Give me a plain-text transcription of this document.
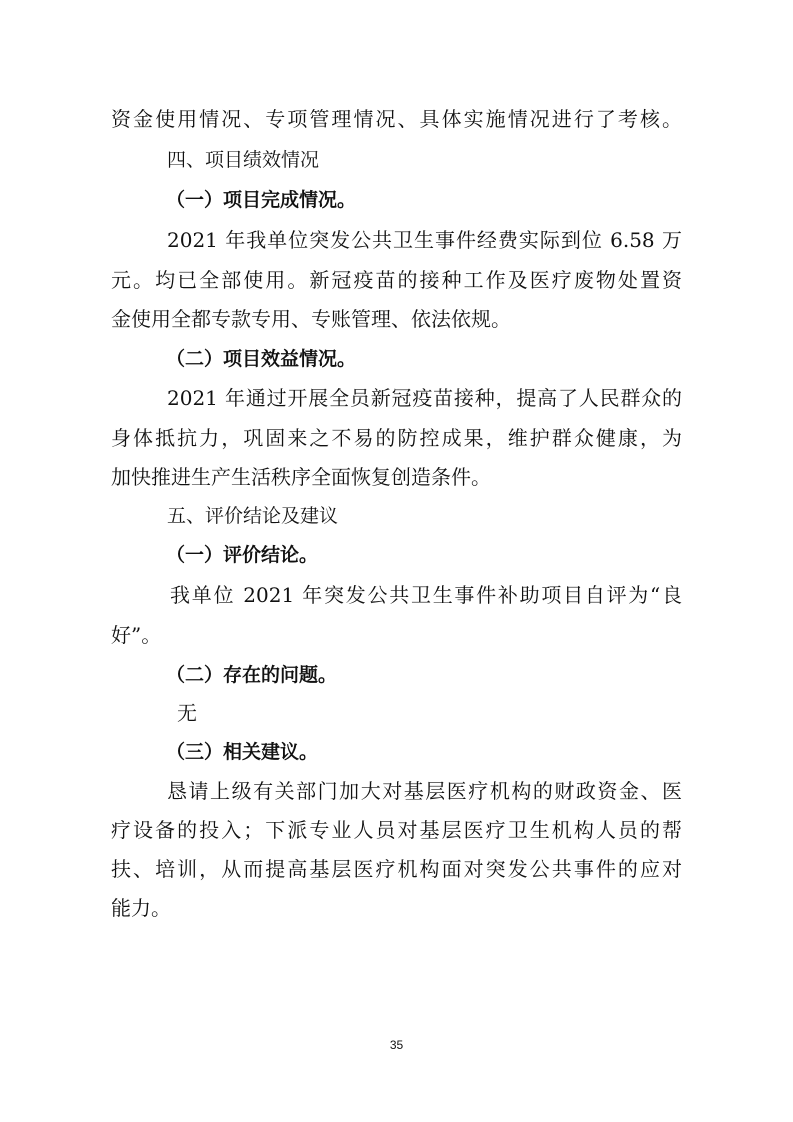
资金使用情况、专项管理情况、具体实施情况进行了考核。
四、项目绩效情况
（一）项目完成情况。
2021 年我单位突发公共卫生事件经费实际到位 6.58 万
元。均已全部使用。新冠疫苗的接种工作及医疗废物处置资
金使用全都专款专用、专账管理、依法依规。
（二）项目效益情况。
2021 年通过开展全员新冠疫苗接种，提高了人民群众的
身体抵抗力，巩固来之不易的防控成果，维护群众健康，为
加快推进生产生活秩序全面恢复创造条件。
五、评价结论及建议
（一）评价结论。
我单位 2021 年突发公共卫生事件补助项目自评为“良
好”。
（二）存在的问题。
无
（三）相关建议。
恳请上级有关部门加大对基层医疗机构的财政资金、医
疗设备的投入；下派专业人员对基层医疗卫生机构人员的帮
扶、培训，从而提高基层医疗机构面对突发公共事件的应对
能力。
35
